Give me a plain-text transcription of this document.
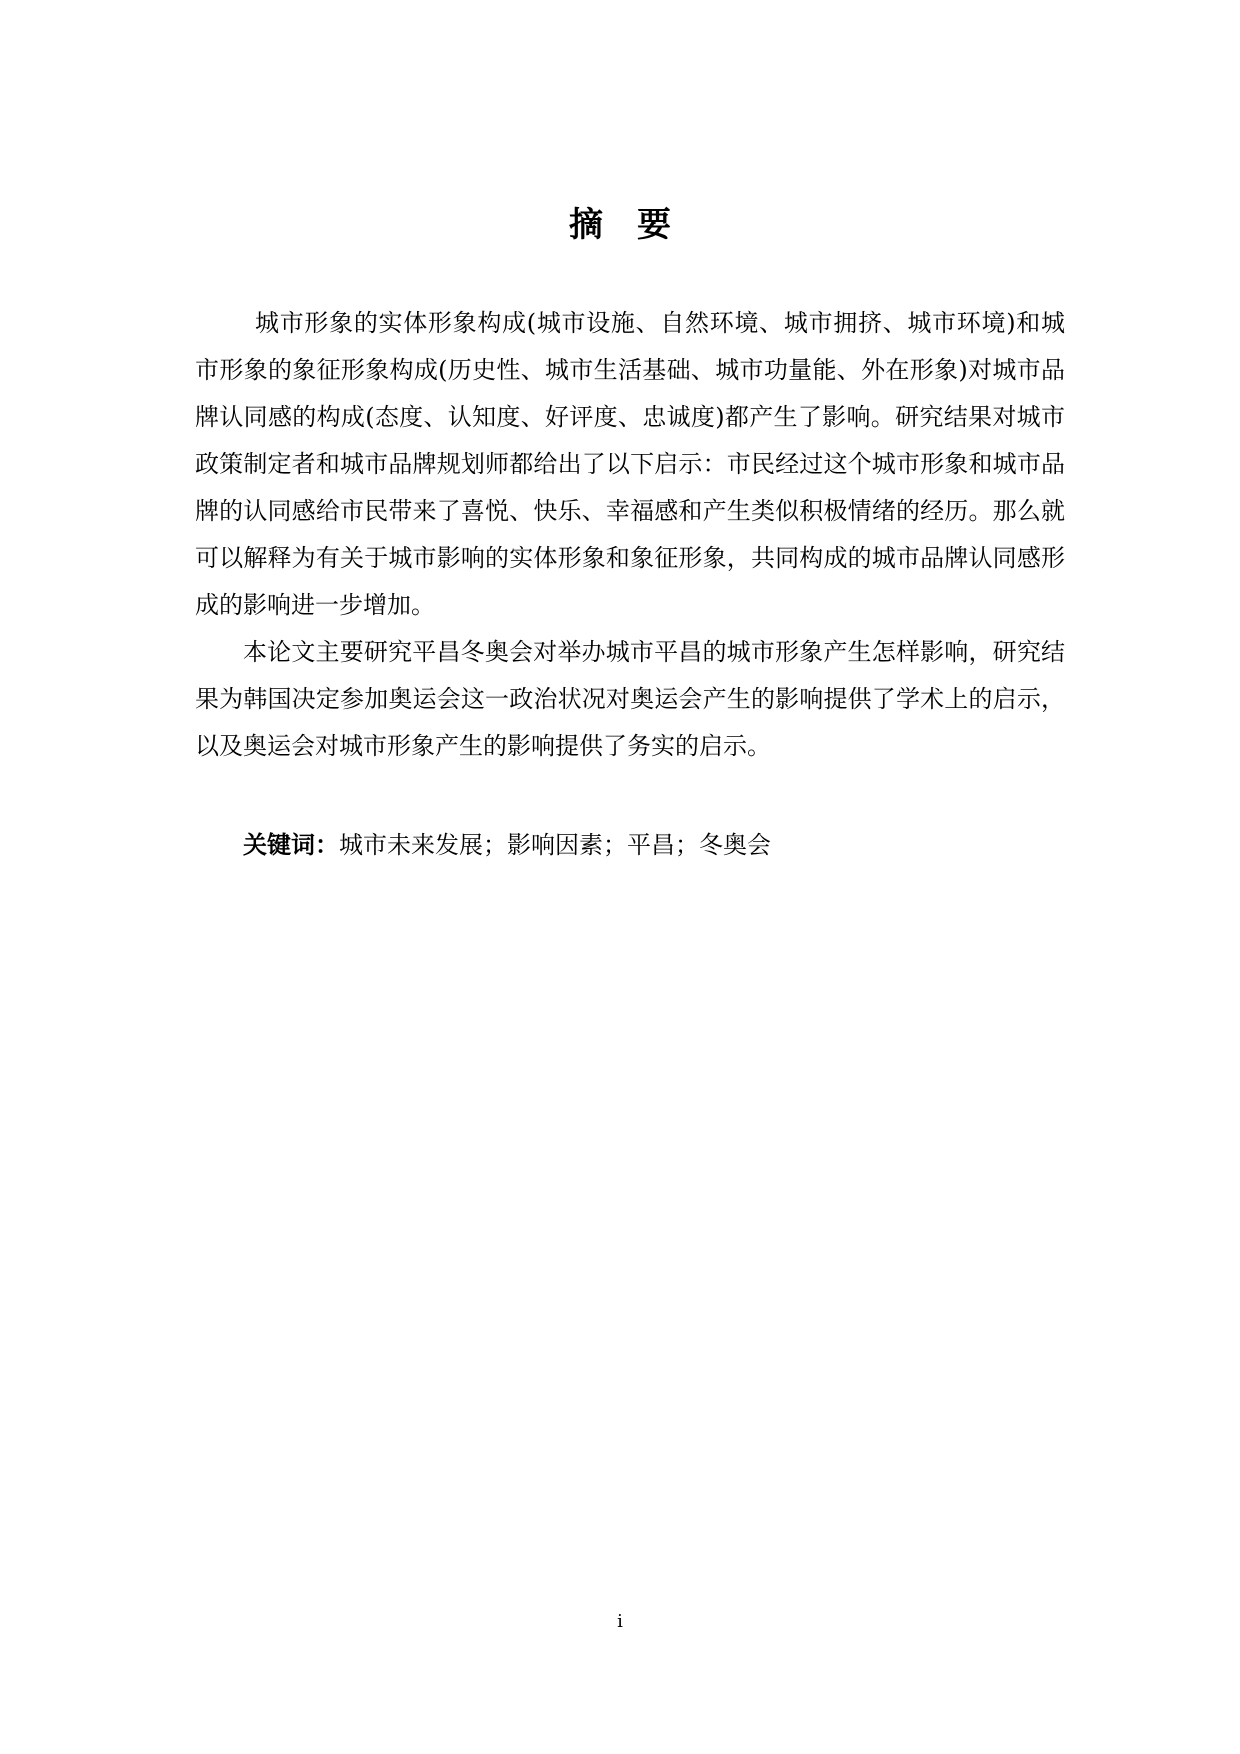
摘 要

城市形象的实体形象构成(城市设施、自然环境、城市拥挤、城市环境)和城市形象的象征形象构成(历史性、城市生活基础、城市功量能、外在形象)对城市品牌认同感的构成(态度、认知度、好评度、忠诚度)都产生了影响。研究结果对城市政策制定者和城市品牌规划师都给出了以下启示：市民经过这个城市形象和城市品牌的认同感给市民带来了喜悦、快乐、幸福感和产生类似积极情绪的经历。那么就可以解释为有关于城市影响的实体形象和象征形象，共同构成的城市品牌认同感形成的影响进一步增加。

本论文主要研究平昌冬奥会对举办城市平昌的城市形象产生怎样影响，研究结果为韩国决定参加奥运会这一政治状况对奥运会产生的影响提供了学术上的启示，以及奥运会对城市形象产生的影响提供了务实的启示。

关键词：城市未来发展；影响因素；平昌；冬奥会
i
